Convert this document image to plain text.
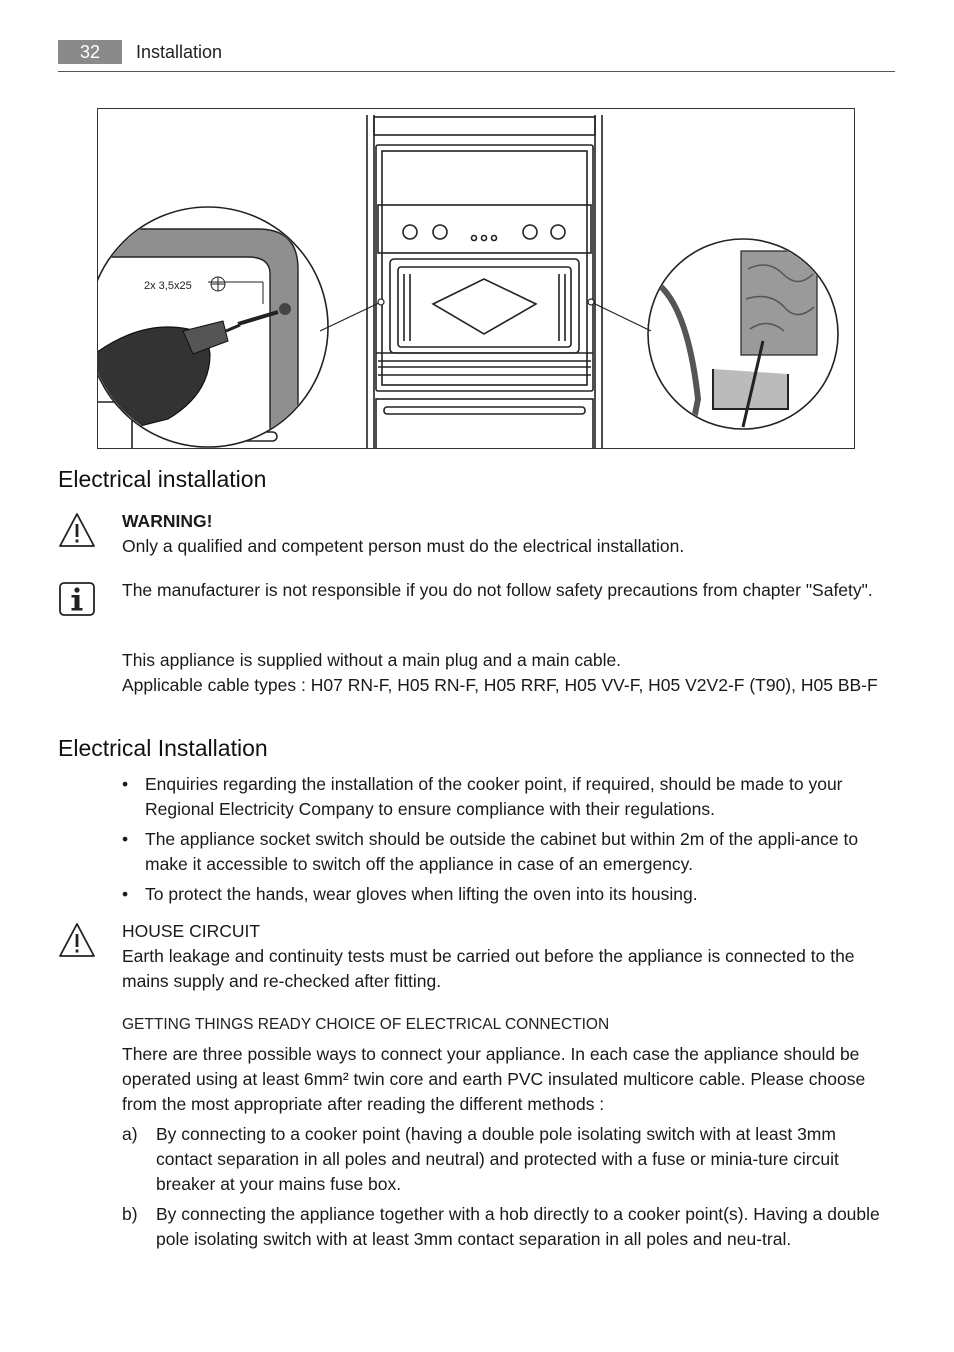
32	Installation
2x 3,5x25
Electrical installation

WARNING!

Only a qualified and competent person must do the electrical installation.

The manufacturer is not responsible if you do not follow safety precautions from chapter "Safety".

This appliance is supplied without a main plug and a main cable.

Applicable cable types : H07 RN-F, H05 RN-F, H05 RRF, H05 VV-F, H05 V2V2-F (T90), H05 BB-F

Electrical Installation
• Enquiries regarding the installation of the cooker point, if required, should be made to your Regional Electricity Company to ensure compliance with their regulations.
• The appliance socket switch should be outside the cabinet but within 2m of the appli-ance to make it accessible to switch off the appliance in case of an emergency.
• To protect the hands, wear gloves when lifting the oven into its housing.

HOUSE CIRCUIT

Earth leakage and continuity tests must be carried out before the appliance is connected to the mains supply and re-checked after fitting.

GETTING THINGS READY CHOICE OF ELECTRICAL CONNECTION

There are three possible ways to connect your appliance. In each case the appliance should be operated using at least 6mm² twin core and earth PVC insulated multicore cable. Please choose from the most appropriate after reading the different methods :

a) By connecting to a cooker point (having a double pole isolating switch with at least 3mm contact separation in all poles and neutral) and protected with a fuse or minia-ture circuit breaker at your mains fuse box.
b) By connecting the appliance together with a hob directly to a cooker point(s). Having a double pole isolating switch with at least 3mm contact separation in all poles and neu-tral.
